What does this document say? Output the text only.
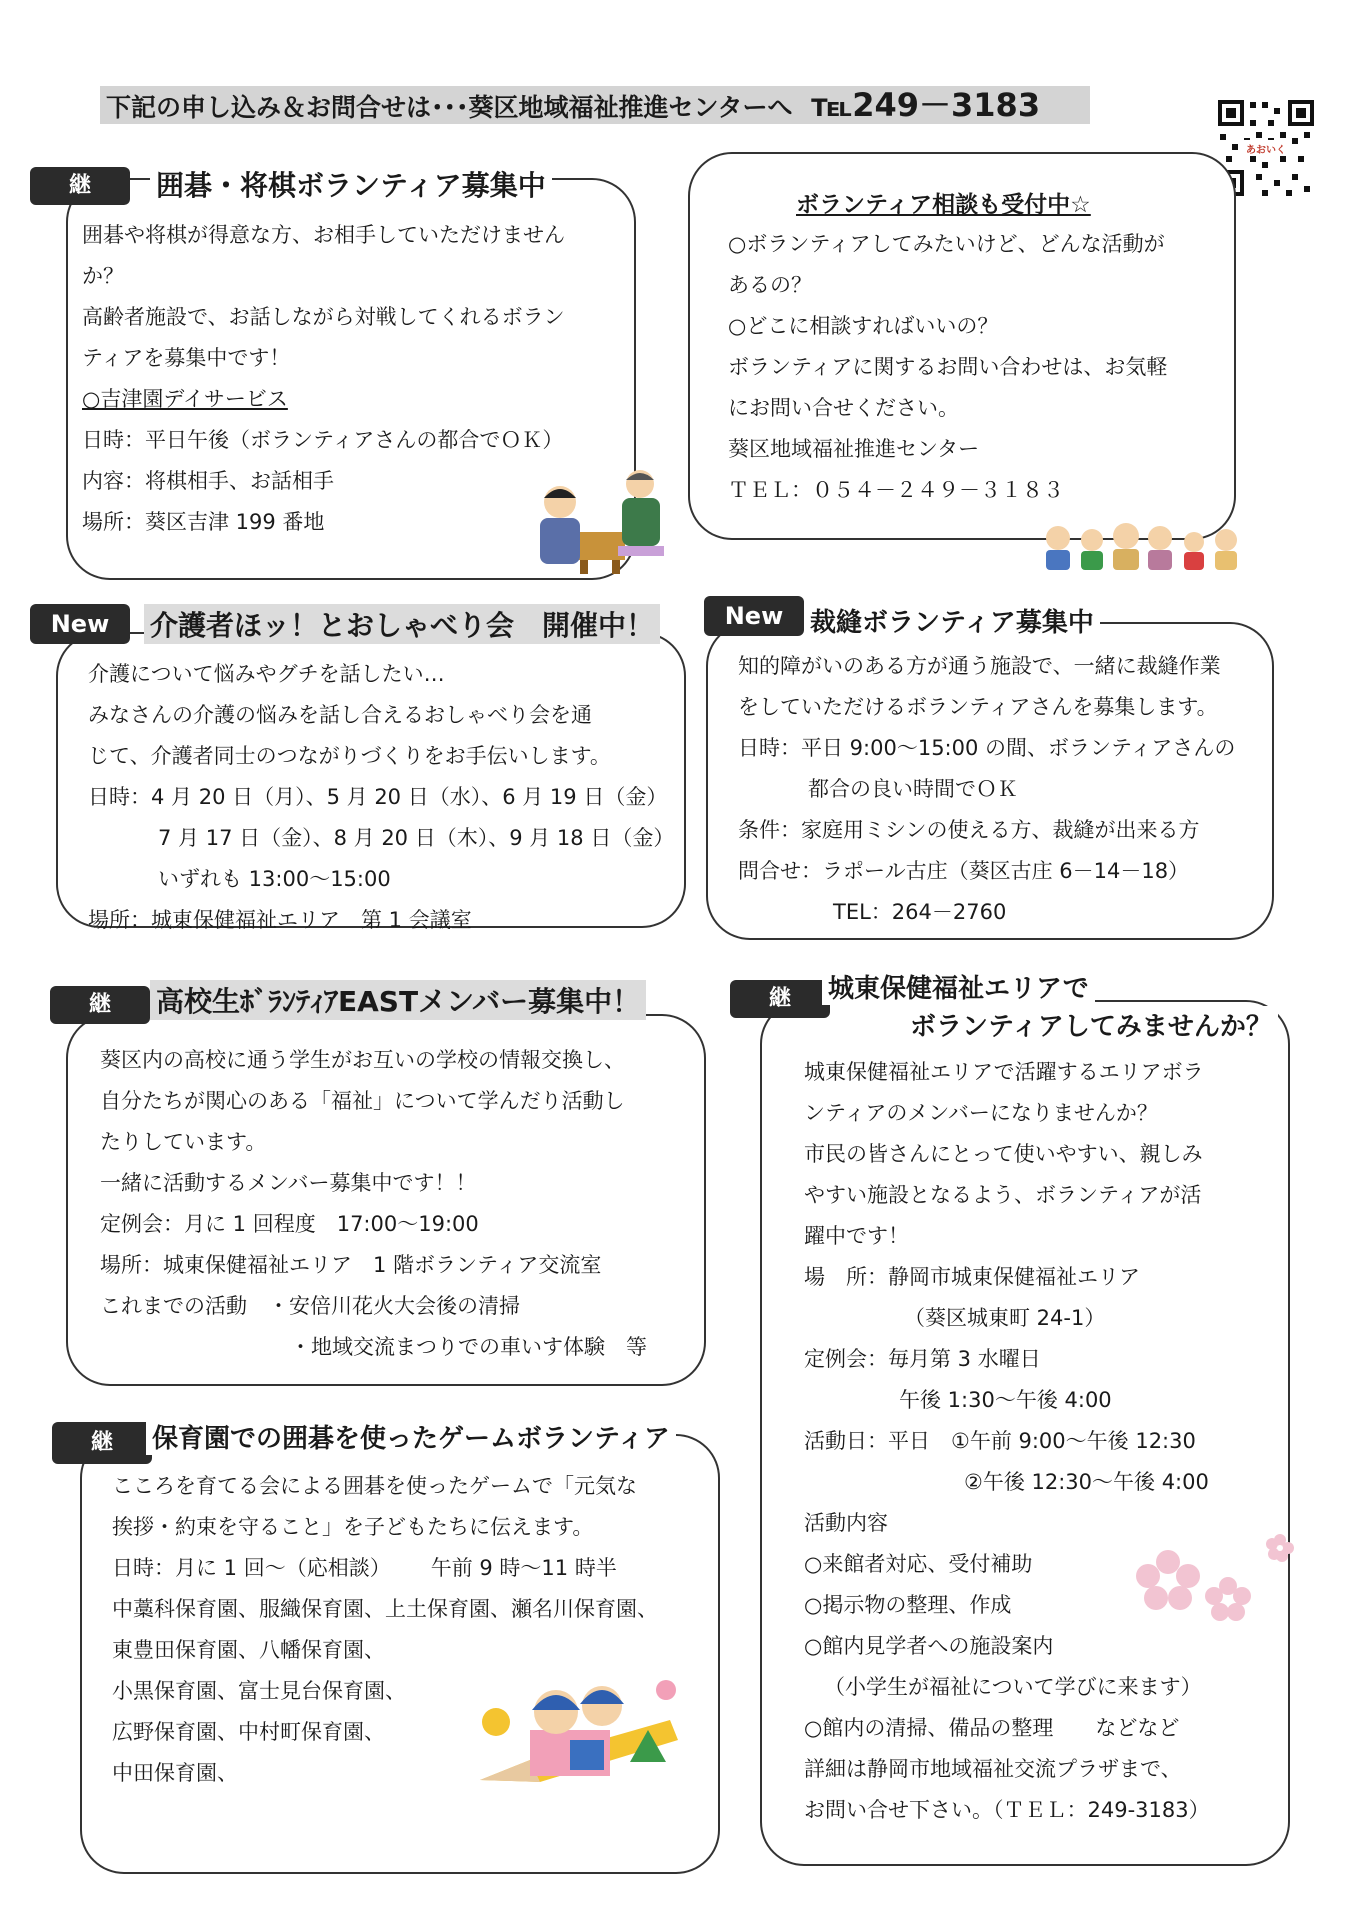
下記の申し込み＆お問合せは･･･葵区地域福祉推進センターへ ℡249－3183
あおいく
継	囲碁・将棋ボランティア募集中
囲碁や将棋が得意な方、お相手していただけません
か？
高齢者施設で、お話しながら対戦してくれるボラン
ティアを募集中です！
○吉津園デイサービス
日時：平日午後（ボランティアさんの都合でＯＫ）
内容：将棋相手、お話相手
場所：葵区吉津 199 番地
ボランティア相談も受付中☆
○ボランティアしてみたいけど、どんな活動が
あるの？
○どこに相談すればいいの？
ボランティアに関するお問い合わせは、お気軽
にお問い合せください。
葵区地域福祉推進センター
ＴＥＬ：０５４－２４９－３１８３
New	介護者ほッ！とおしゃべり会　開催中！
介護について悩みやグチを話したい…
みなさんの介護の悩みを話し合えるおしゃべり会を通
じて、介護者同士のつながりづくりをお手伝いします。
日時：4 月 20 日（月）、5 月 20 日（水）、6 月 19 日（金）
7 月 17 日（金）、8 月 20 日（木）、9 月 18 日（金）
いずれも 13:00～15:00
場所：城東保健福祉エリア　第 1 会議室
New	裁縫ボランティア募集中
知的障がいのある方が通う施設で、一緒に裁縫作業
をしていただけるボランティアさんを募集します。
日時：平日 9:00～15:00 の間、ボランティアさんの
都合の良い時間でＯＫ
条件：家庭用ミシンの使える方、裁縫が出来る方
問合せ：ラポール古庄（葵区古庄 6－14－18）
TEL：264－2760
継	高校生ﾎﾞﾗﾝﾃｨｱEASTメンバー募集中！
葵区内の高校に通う学生がお互いの学校の情報交換し、
自分たちが関心のある「福祉」について学んだり活動し
たりしています。
一緒に活動するメンバー募集中です！！
定例会：月に 1 回程度　17:00～19:00
場所：城東保健福祉エリア　1 階ボランティア交流室
これまでの活動　・安倍川花火大会後の清掃
・地域交流まつりでの車いす体験　等
継	城東保健福祉エリアで
ボランティアしてみませんか？
城東保健福祉エリアで活躍するエリアボラ
ンティアのメンバーになりませんか？
市民の皆さんにとって使いやすい、親しみ
やすい施設となるよう、ボランティアが活
躍中です！
場　所：静岡市城東保健福祉エリア
（葵区城東町 24-1）
定例会：毎月第 3 水曜日
午後 1:30～午後 4:00
活動日：平日　①午前 9:00～午後 12:30
②午後 12:30～午後 4:00
活動内容
○来館者対応、受付補助
○掲示物の整理、作成
○館内見学者への施設案内
（小学生が福祉について学びに来ます）
○館内の清掃、備品の整理　　などなど
詳細は静岡市地域福祉交流プラザまで、
お問い合せ下さい。（ＴＥＬ：249-3183）
継	保育園での囲碁を使ったゲームボランティア
こころを育てる会による囲碁を使ったゲームで「元気な
挨拶・約束を守ること」を子どもたちに伝えます。
日時：月に 1 回～（応相談） 午前 9 時～11 時半
中藁科保育園、服織保育園、上土保育園、瀬名川保育園、
東豊田保育園、八幡保育園、
小黒保育園、富士見台保育園、
広野保育園、中村町保育園、
中田保育園、
